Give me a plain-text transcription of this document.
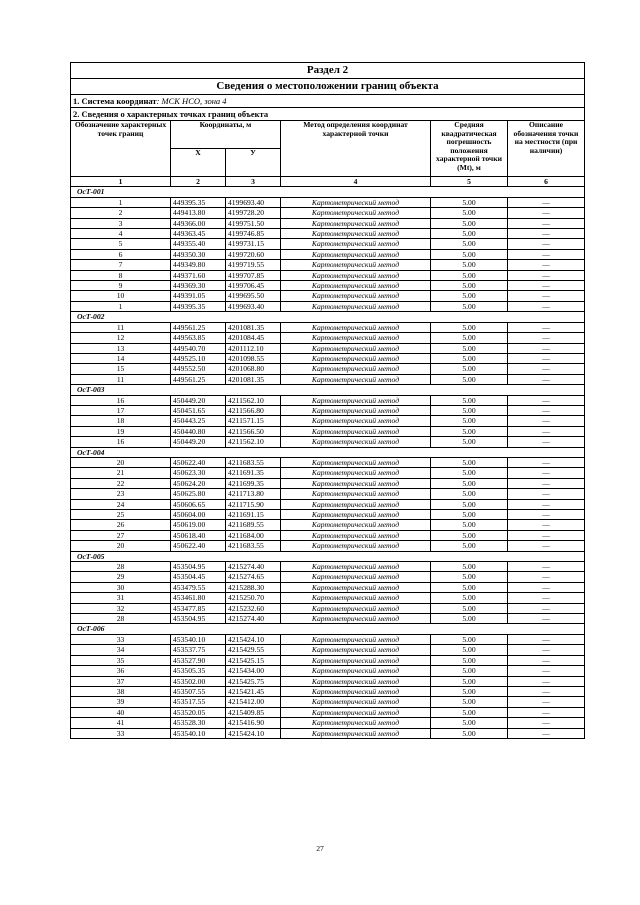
Раздел 2					
Сведения о местоположении границ объекта					
1. Система координат: МСК НСО, зона 4					
2. Сведения о характерных точках границ объекта					
Обозначение характерных точек границ	Координаты, м		Метод определения координат характерной точки	Средняя квадратическая погрешность положения характерной точки (Mt), м	Описание обозначения точки на местности (при наличии)
	Х	У			
1	2	3	4	5	6
ОсТ-001					
1	449395.35	4199693.40	Картометрический метод	5.00	—
2	449413.80	4199728.20	Картометрический метод	5.00	—
3	449366.00	4199751.50	Картометрический метод	5.00	—
4	449363.45	4199746.85	Картометрический метод	5.00	—
5	449355.40	4199731.15	Картометрический метод	5.00	—
6	449350.30	4199720.60	Картометрический метод	5.00	—
7	449349.80	4199719.55	Картометрический метод	5.00	—
8	449371.60	4199707.85	Картометрический метод	5.00	—
9	449369.30	4199706.45	Картометрический метод	5.00	—
10	449391.05	4199695.50	Картометрический метод	5.00	—
1	449395.35	4199693.40	Картометрический метод	5.00	—
ОсТ-002					
11	449561.25	4201081.35	Картометрический метод	5.00	—
12	449563.85	4201084.45	Картометрический метод	5.00	—
13	449540.70	4201112.10	Картометрический метод	5.00	—
14	449525.10	4201098.55	Картометрический метод	5.00	—
15	449552.50	4201068.80	Картометрический метод	5.00	—
11	449561.25	4201081.35	Картометрический метод	5.00	—
ОсТ-003					
16	450449.20	4211562.10	Картометрический метод	5.00	—
17	450451.65	4211566.80	Картометрический метод	5.00	—
18	450443.25	4211571.15	Картометрический метод	5.00	—
19	450440.80	4211566.50	Картометрический метод	5.00	—
16	450449.20	4211562.10	Картометрический метод	5.00	—
ОсТ-004					
20	450622.40	4211683.55	Картометрический метод	5.00	—
21	450623.30	4211691.35	Картометрический метод	5.00	—
22	450624.20	4211699.35	Картометрический метод	5.00	—
23	450625.80	4211713.80	Картометрический метод	5.00	—
24	450606.65	4211715.90	Картометрический метод	5.00	—
25	450604.00	4211691.15	Картометрический метод	5.00	—
26	450619.00	4211689.55	Картометрический метод	5.00	—
27	450618.40	4211684.00	Картометрический метод	5.00	—
20	450622.40	4211683.55	Картометрический метод	5.00	—
ОсТ-005					
28	453504.95	4215274.40	Картометрический метод	5.00	—
29	453504.45	4215274.65	Картометрический метод	5.00	—
30	453479.55	4215288.30	Картометрический метод	5.00	—
31	453461.80	4215250.70	Картометрический метод	5.00	—
32	453477.85	4215232.60	Картометрический метод	5.00	—
28	453504.95	4215274.40	Картометрический метод	5.00	—
ОсТ-006					
33	453540.10	4215424.10	Картометрический метод	5.00	—
34	453537.75	4215429.55	Картометрический метод	5.00	—
35	453527.90	4215425.15	Картометрический метод	5.00	—
36	453505.35	4215434.00	Картометрический метод	5.00	—
37	453502.00	4215425.75	Картометрический метод	5.00	—
38	453507.55	4215421.45	Картометрический метод	5.00	—
39	453517.55	4215412.00	Картометрический метод	5.00	—
40	453520.05	4215409.85	Картометрический метод	5.00	—
41	453528.30	4215416.90	Картометрический метод	5.00	—
33	453540.10	4215424.10	Картометрический метод	5.00	—
27
